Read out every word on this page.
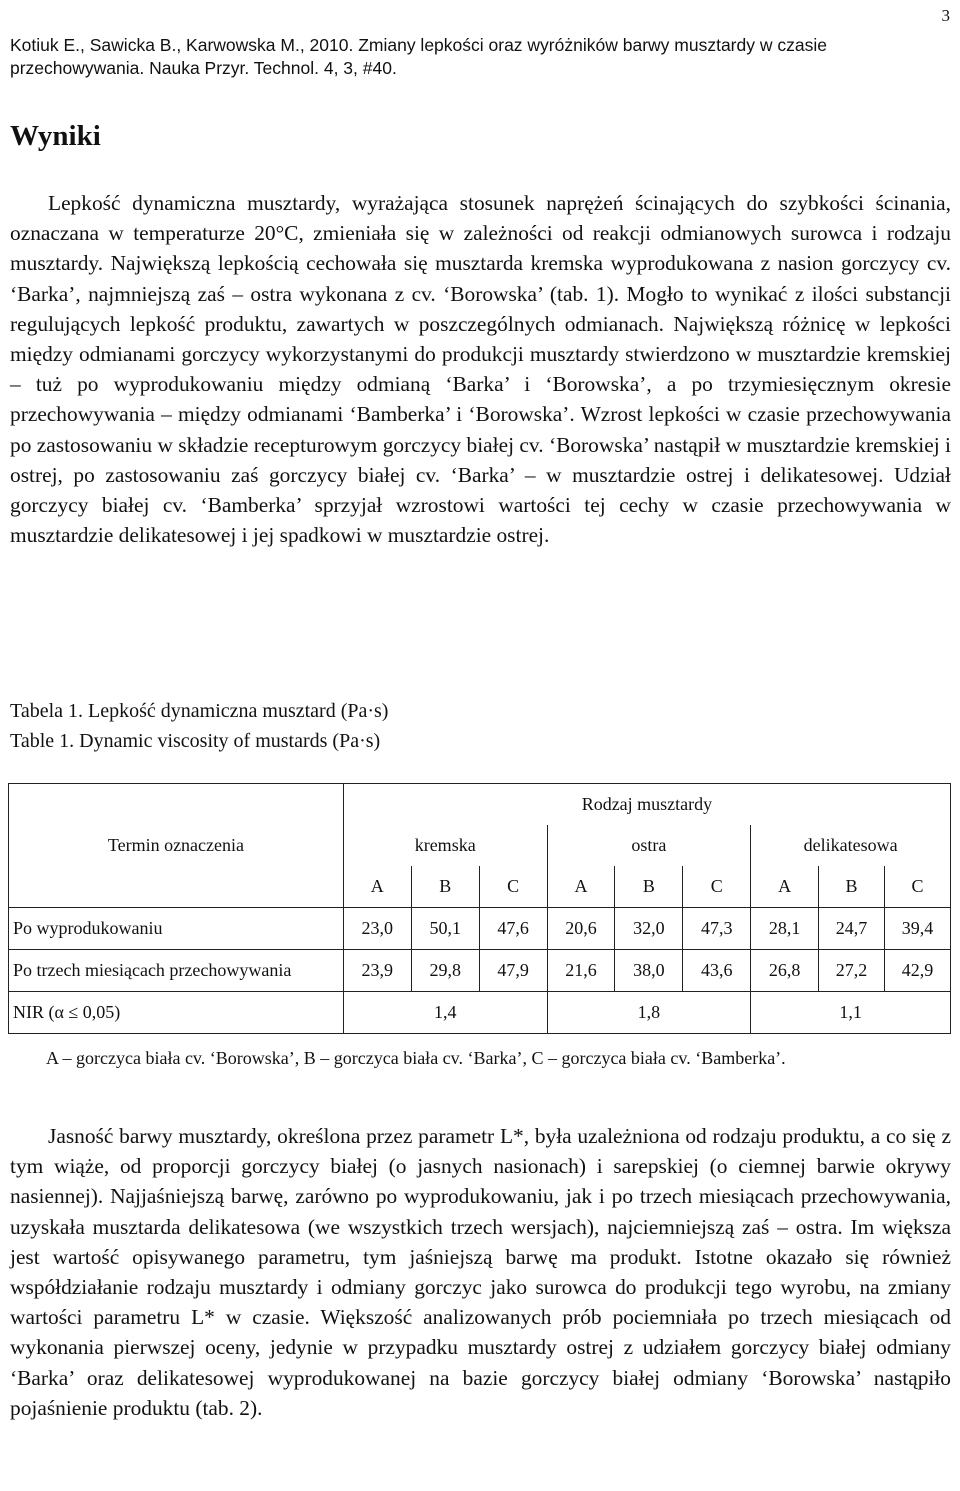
3
Kotiuk E., Sawicka B., Karwowska M., 2010. Zmiany lepkości oraz wyróżników barwy musztardy w czasie przechowywania. Nauka Przyr. Technol. 4, 3, #40.
Wyniki

Lepkość dynamiczna musztardy, wyrażająca stosunek naprężeń ścinających do szybkości ścinania, oznaczana w temperaturze 20°C, zmieniała się w zależności od reakcji odmianowych surowca i rodzaju musztardy. Największą lepkością cechowała się musztarda kremska wyprodukowana z nasion gorczycy cv. ‘Barka’, najmniejszą zaś – ostra wykonana z cv. ‘Borowska’ (tab. 1). Mogło to wynikać z ilości substancji regulujących lepkość produktu, zawartych w poszczególnych odmianach. Największą różnicę w lepkości między odmianami gorczycy wykorzystanymi do produkcji musztardy stwierdzono w musztardzie kremskiej – tuż po wyprodukowaniu między odmianą ‘Barka’ i ‘Borowska’, a po trzymiesięcznym okresie przechowywania – między odmianami ‘Bamberka’ i ‘Borowska’. Wzrost lepkości w czasie przechowywania po zastosowaniu w składzie recepturowym gorczycy białej cv. ‘Borowska’ nastąpił w musztardzie kremskiej i ostrej, po zastosowaniu zaś gorczycy białej cv. ‘Barka’ – w musztardzie ostrej i delikatesowej. Udział gorczycy białej cv. ‘Bamberka’ sprzyjał wzrostowi wartości tej cechy w czasie przechowywania w musztardzie delikatesowej i jej spadkowi w musztardzie ostrej.

Tabela 1. Lepkość dynamiczna musztard (Pa·s)
Table 1. Dynamic viscosity of mustards (Pa·s)
	Rodzaj musztardy								
Termin oznaczenia	kremska			ostra			delikatesowa		
	A	B	C	A	B	C	A	B	C
Po wyprodukowaniu	23,0	50,1	47,6	20,6	32,0	47,3	28,1	24,7	39,4
Po trzech miesiącach przechowywania	23,9	29,8	47,9	21,6	38,0	43,6	26,8	27,2	42,9
NIR (α ≤ 0,05)	1,4			1,8			1,1		
A – gorczyca biała cv. ‘Borowska’, B – gorczyca biała cv. ‘Barka’, C – gorczyca biała cv. ‘Bamberka’.

Jasność barwy musztardy, określona przez parametr L*, była uzależniona od rodzaju produktu, a co się z tym wiąże, od proporcji gorczycy białej (o jasnych nasionach) i sarepskiej (o ciemnej barwie okrywy nasiennej). Najjaśniejszą barwę, zarówno po wyprodukowaniu, jak i po trzech miesiącach przechowywania, uzyskała musztarda delikatesowa (we wszystkich trzech wersjach), najciemniejszą zaś – ostra. Im większa jest wartość opisywanego parametru, tym jaśniejszą barwę ma produkt. Istotne okazało się również współdziałanie rodzaju musztardy i odmiany gorczyc jako surowca do produkcji tego wyrobu, na zmiany wartości parametru L* w czasie. Większość analizowanych prób pociemniała po trzech miesiącach od wykonania pierwszej oceny, jedynie w przypadku musztardy ostrej z udziałem gorczycy białej odmiany ‘Barka’ oraz delikatesowej wyprodukowanej na bazie gorczycy białej odmiany ‘Borowska’ nastąpiło pojaśnienie produktu (tab. 2).
